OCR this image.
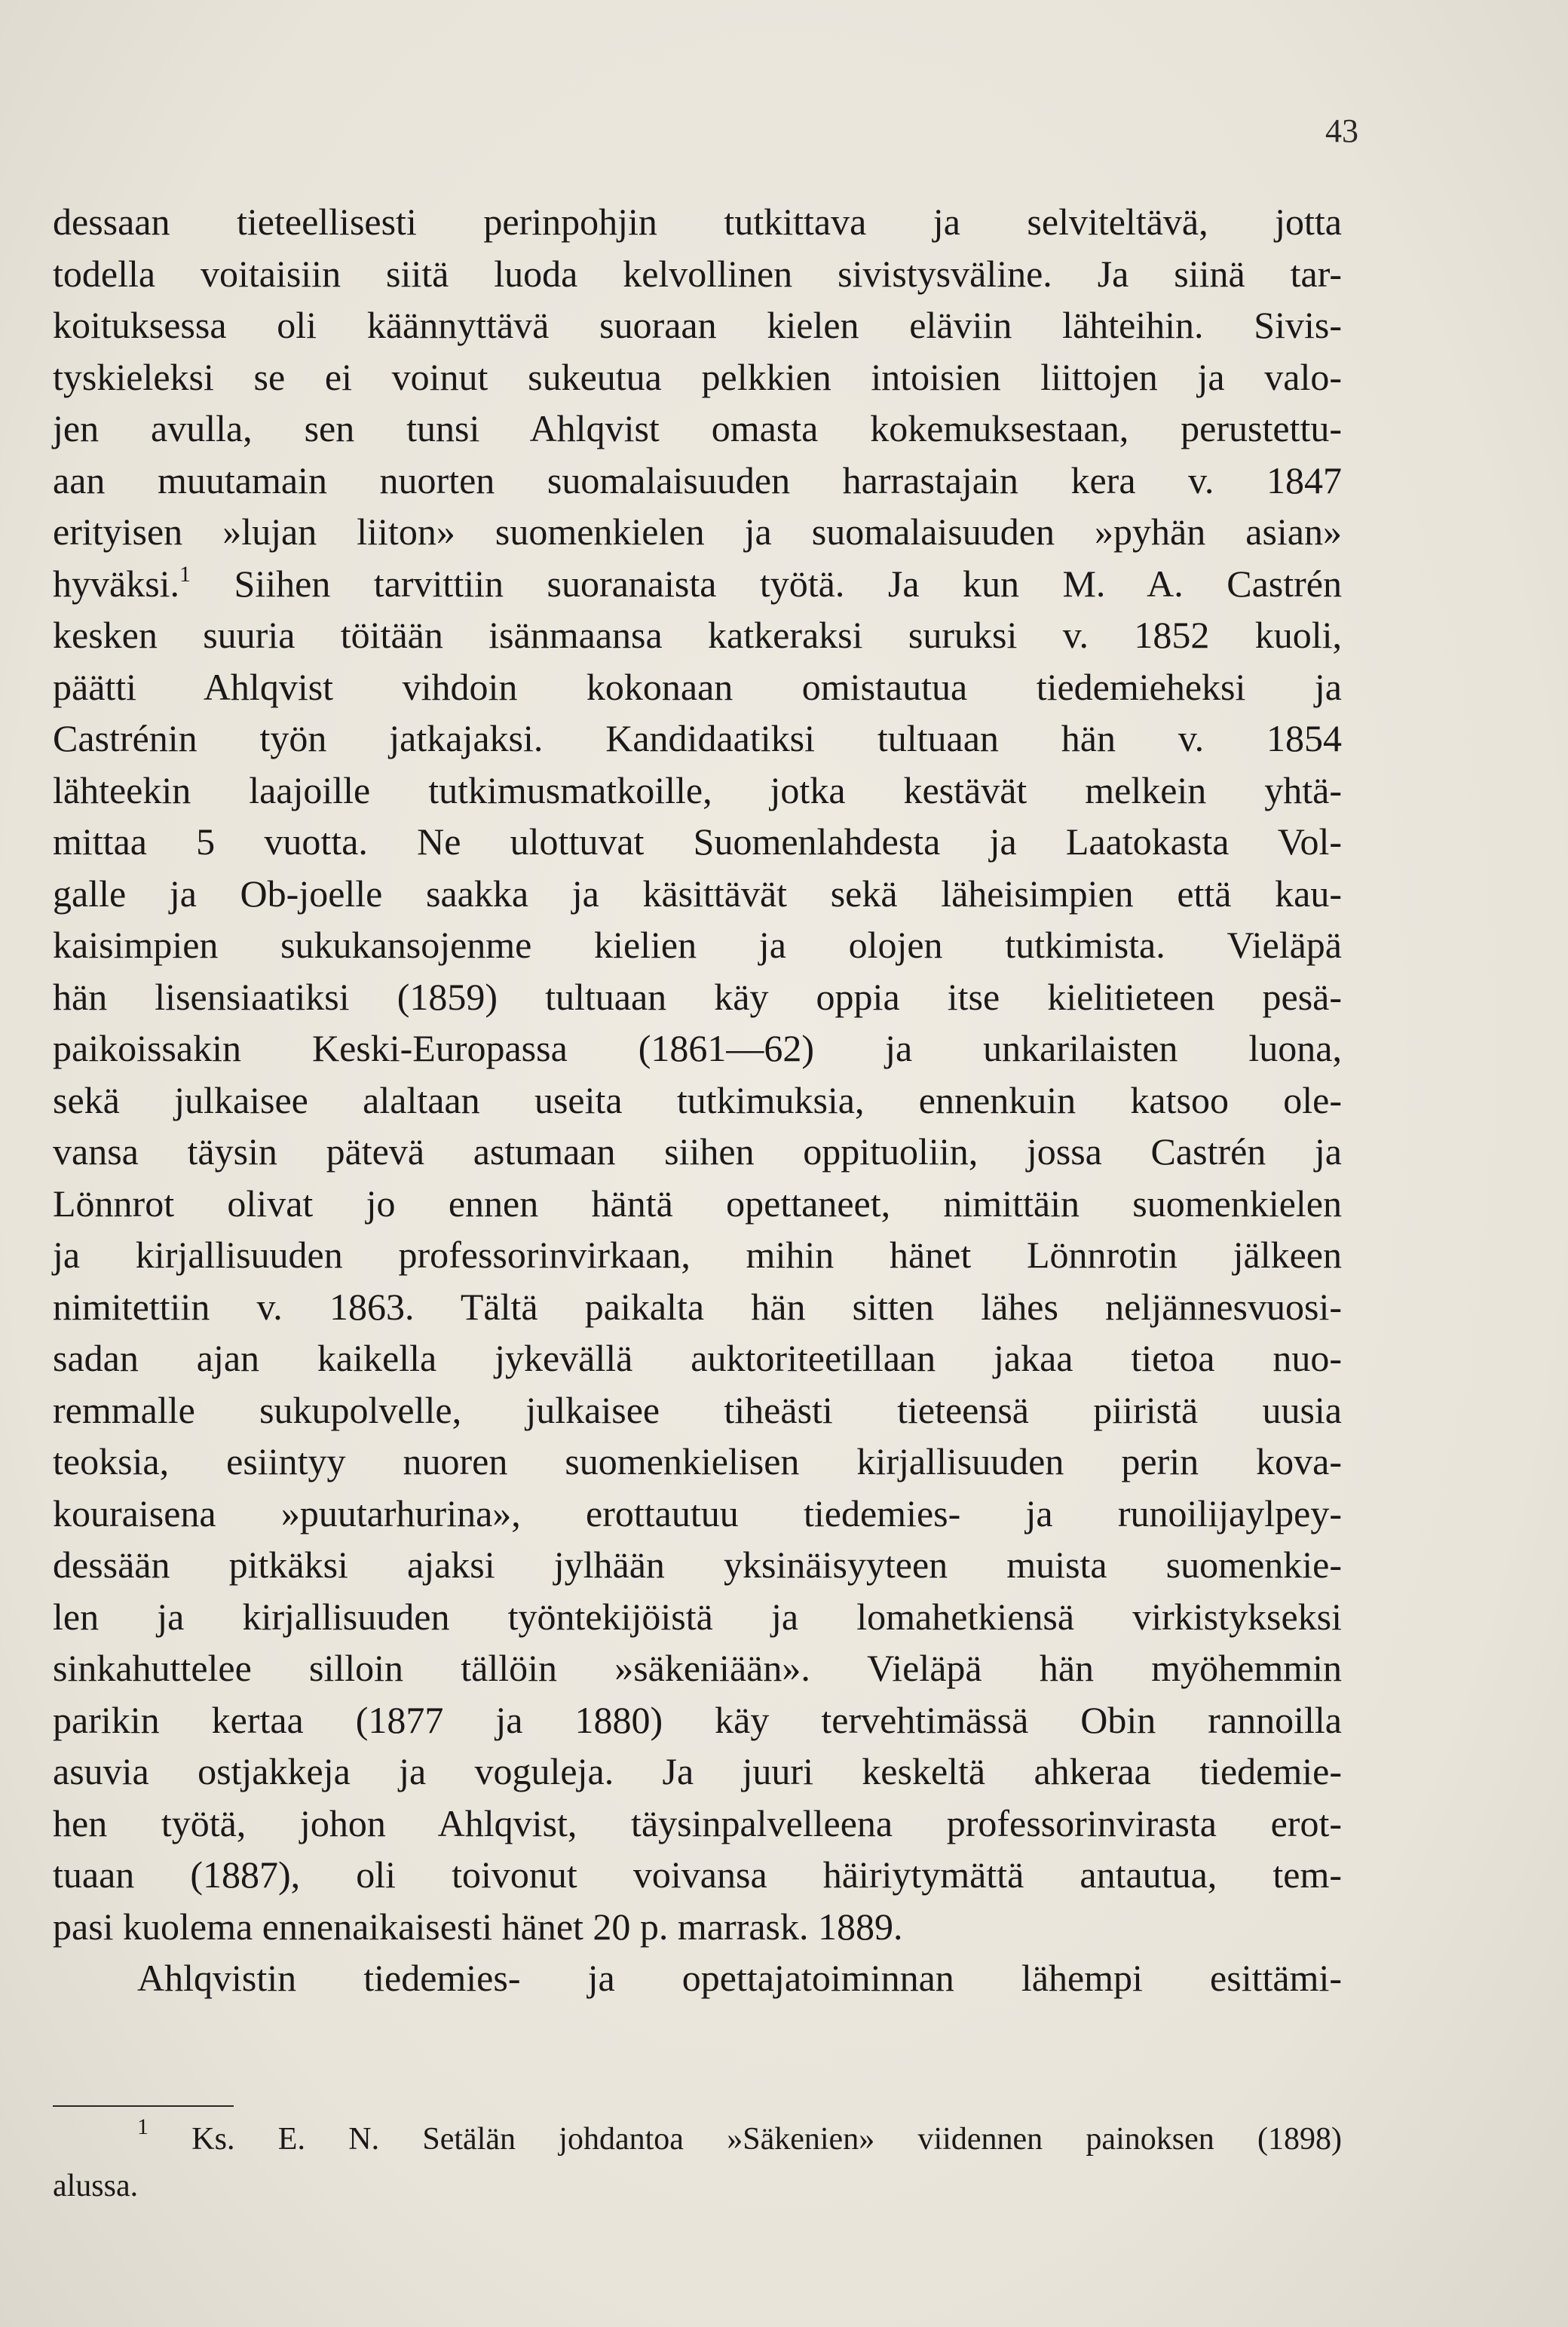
43
dessaan tieteellisesti perinpohjin tutkittava ja selviteltävä, jotta
todella voitaisiin siitä luoda kelvollinen sivistysväline. Ja siinä tar-
koituksessa oli käännyttävä suoraan kielen eläviin lähteihin. Sivis-
tyskieleksi se ei voinut sukeutua pelkkien intoisien liittojen ja valo-
jen avulla, sen tunsi Ahlqvist omasta kokemuksestaan, perustettu-
aan muutamain nuorten suomalaisuuden harrastajain kera v. 1847
erityisen »lujan liiton» suomenkielen ja suomalaisuuden »pyhän asian»
hyväksi.$^1$ Siihen tarvittiin suoranaista työtä. Ja kun M. A. Castrén
kesken suuria töitään isänmaansa katkeraksi suruksi v. 1852 kuoli,
päätti Ahlqvist vihdoin kokonaan omistautua tiedemieheksi ja
Castrénin työn jatkajaksi. Kandidaatiksi tultuaan hän v. 1854
lähteekin laajoille tutkimusmatkoille, jotka kestävät melkein yhtä-
mittaa 5 vuotta. Ne ulottuvat Suomenlahdesta ja Laatokasta Vol-
galle ja Ob-joelle saakka ja käsittävät sekä läheisimpien että kau-
kaisimpien sukukansojenme kielien ja olojen tutkimista. Vieläpä
hän lisensiaatiksi (1859) tultuaan käy oppia itse kielitieteen pesä-
paikoissakin Keski-Europassa (1861—62) ja unkarilaisten luona,
sekä julkaisee alaltaan useita tutkimuksia, ennenkuin katsoo ole-
vansa täysin pätevä astumaan siihen oppituoliin, jossa Castrén ja
Lönnrot olivat jo ennen häntä opettaneet, nimittäin suomenkielen
ja kirjallisuuden professorinvirkaan, mihin hänet Lönnrotin jälkeen
nimitettiin v. 1863. Tältä paikalta hän sitten lähes neljännesvuosi-
sadan ajan kaikella jykevällä auktoriteetillaan jakaa tietoa nuo-
remmalle sukupolvelle, julkaisee tiheästi tieteensä piiristä uusia
teoksia, esiintyy nuoren suomenkielisen kirjallisuuden perin kova-
kouraisena »puutarhurina», erottautuu tiedemies- ja runoilijaylpey-
dessään pitkäksi ajaksi jylhään yksinäisyyteen muista suomenkie-
len ja kirjallisuuden työntekijöistä ja lomahetkiensä virkistykseksi
sinkahuttelee silloin tällöin »säkeniään». Vieläpä hän myöhemmin
parikin kertaa (1877 ja 1880) käy tervehtimässä Obin rannoilla
asuvia ostjakkeja ja voguleja. Ja juuri keskeltä ahkeraa tiedemie-
hen työtä, johon Ahlqvist, täysinpalvelleena professorinvirasta erot-
tuaan (1887), oli toivonut voivansa häiriytymättä antautua, tem-
pasi kuolema ennenaikaisesti hänet 20 p. marrask. 1889.
Ahlqvistin tiedemies- ja opettajatoiminnan lähempi esittämi-
$^1$ Ks. E. N. Setälän johdantoa »Säkenien» viidennen painoksen (1898)
alussa.
